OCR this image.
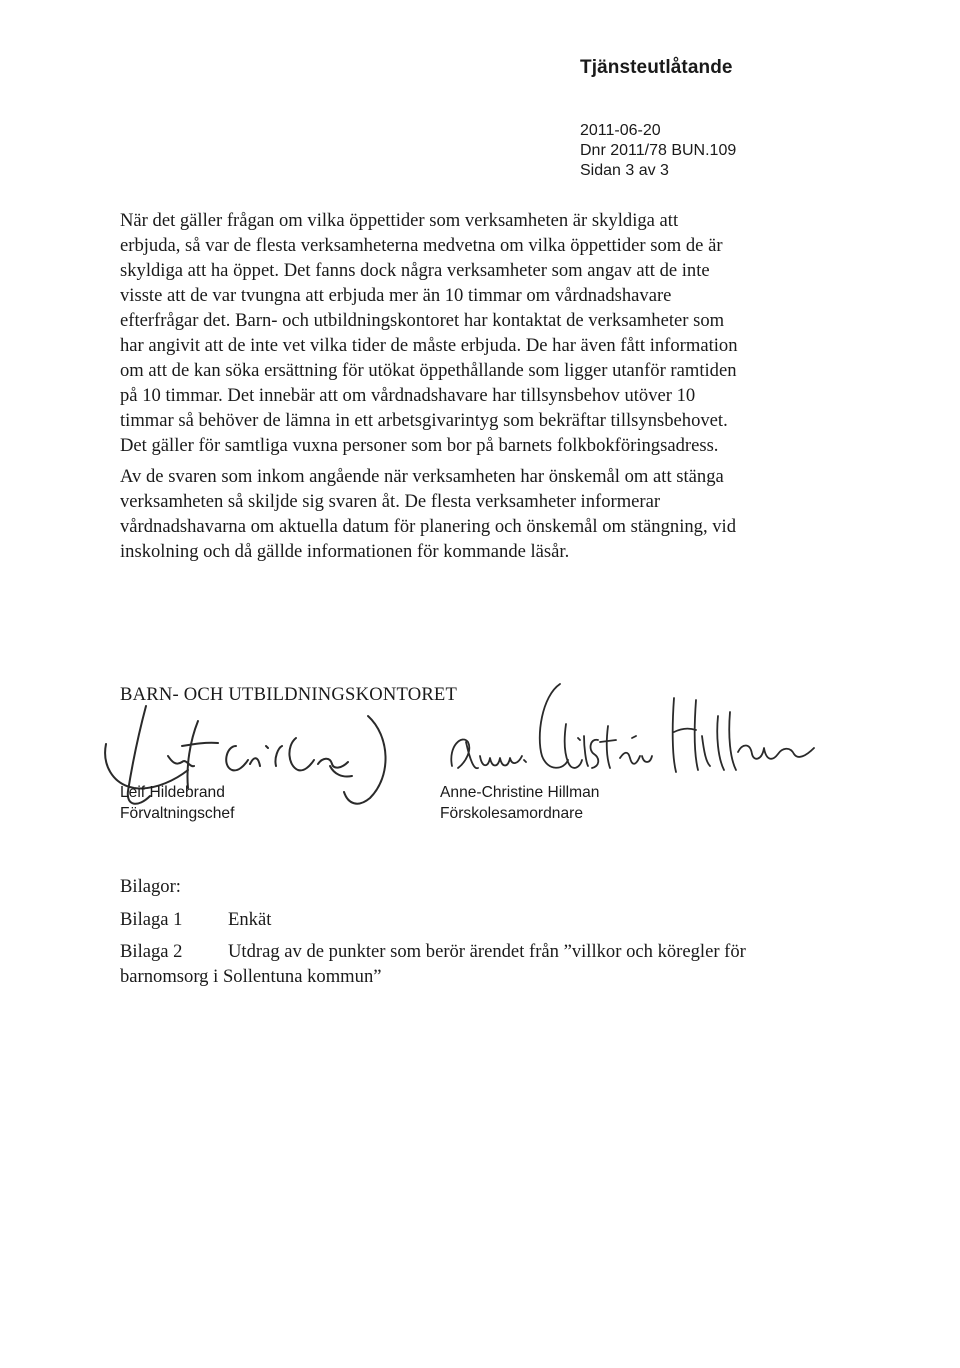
Tjänsteutlåtande
2011-06-20
Dnr 2011/78 BUN.109
Sidan 3 av 3

När det gäller frågan om vilka öppettider som verksamheten är skyldiga att erbjuda, så var de flesta verksamheterna medvetna om vilka öppettider som de är skyldiga att ha öppet. Det fanns dock några verksamheter som angav att de inte visste att de var tvungna att erbjuda mer än 10 timmar om vårdnadshavare efterfrågar det. Barn- och utbildningskontoret har kontaktat de verksamheter som har angivit att de inte vet vilka tider de måste erbjuda. De har även fått information om att de kan söka ersättning för utökat öppethållande som ligger utanför ramtiden på 10 timmar. Det innebär att om vårdnadshavare har tillsynsbehov utöver 10 timmar så behöver de lämna in ett arbetsgivarintyg som bekräftar tillsynsbehovet. Det gäller för samtliga vuxna personer som bor på barnets folkbokföringsadress.

Av de svaren som inkom angående när verksamheten har önskemål om att stänga verksamheten så skiljde sig svaren åt. De flesta verksamheter informerar vårdnadshavarna om aktuella datum för planering och önskemål om stängning, vid inskolning och då gällde informationen för kommande läsår.

BARN- OCH UTBILDNINGSKONTORET
Leif Hildebrand
Förvaltningschef
Anne-Christine Hillman
Förskolesamordnare
Bilagor:
Bilaga 1 Enkät
Bilaga 2 Utdrag av de punkter som berör ärendet från ”villkor och köregler för barnomsorg i Sollentuna kommun”
